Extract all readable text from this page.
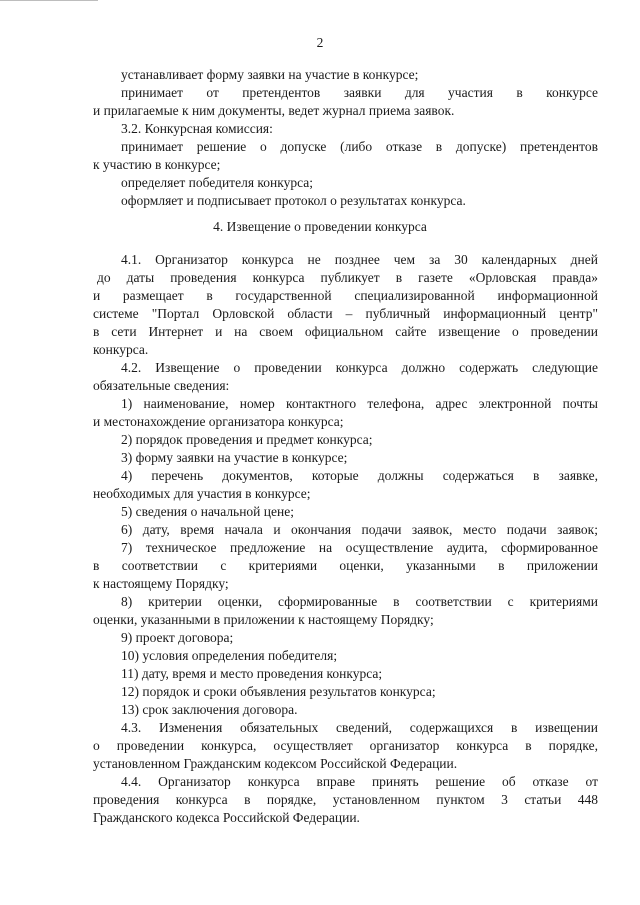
2
устанавливает форму заявки на участие в конкурсе;
принимает от претендентов заявки для участия в конкурсе
и прилагаемые к ним документы, ведет журнал приема заявок.
3.2. Конкурсная комиссия:
принимает решение о допуске (либо отказе в допуске) претендентов
к участию в конкурсе;
определяет победителя конкурса;
оформляет и подписывает протокол о результатах конкурса.
4. Извещение о проведении конкурса
4.1. Организатор конкурса не позднее чем за 30 календарных дней
до даты проведения конкурса публикует в газете «Орловская правда»
и размещает в государственной специализированной информационной
системе "Портал Орловской области – публичный информационный центр"
в сети Интернет и на своем официальном сайте извещение о проведении
конкурса.
4.2. Извещение о проведении конкурса должно содержать следующие
обязательные сведения:
1) наименование, номер контактного телефона, адрес электронной почты
и местонахождение организатора конкурса;
2) порядок проведения и предмет конкурса;
3) форму заявки на участие в конкурсе;
4) перечень документов, которые должны содержаться в заявке,
необходимых для участия в конкурсе;
5) сведения о начальной цене;
6) дату, время начала и окончания подачи заявок, место подачи заявок;
7) техническое предложение на осуществление аудита, сформированное
в соответствии с критериями оценки, указанными в приложении
к настоящему Порядку;
8) критерии оценки, сформированные в соответствии с критериями
оценки, указанными в приложении к настоящему Порядку;
9) проект договора;
10) условия определения победителя;
11) дату, время и место проведения конкурса;
12) порядок и сроки объявления результатов конкурса;
13) срок заключения договора.
4.3. Изменения обязательных сведений, содержащихся в извещении
о проведении конкурса, осуществляет организатор конкурса в порядке,
установленном Гражданским кодексом Российской Федерации.
4.4. Организатор конкурса вправе принять решение об отказе от
проведения конкурса в порядке, установленном пунктом 3 статьи 448
Гражданского кодекса Российской Федерации.
